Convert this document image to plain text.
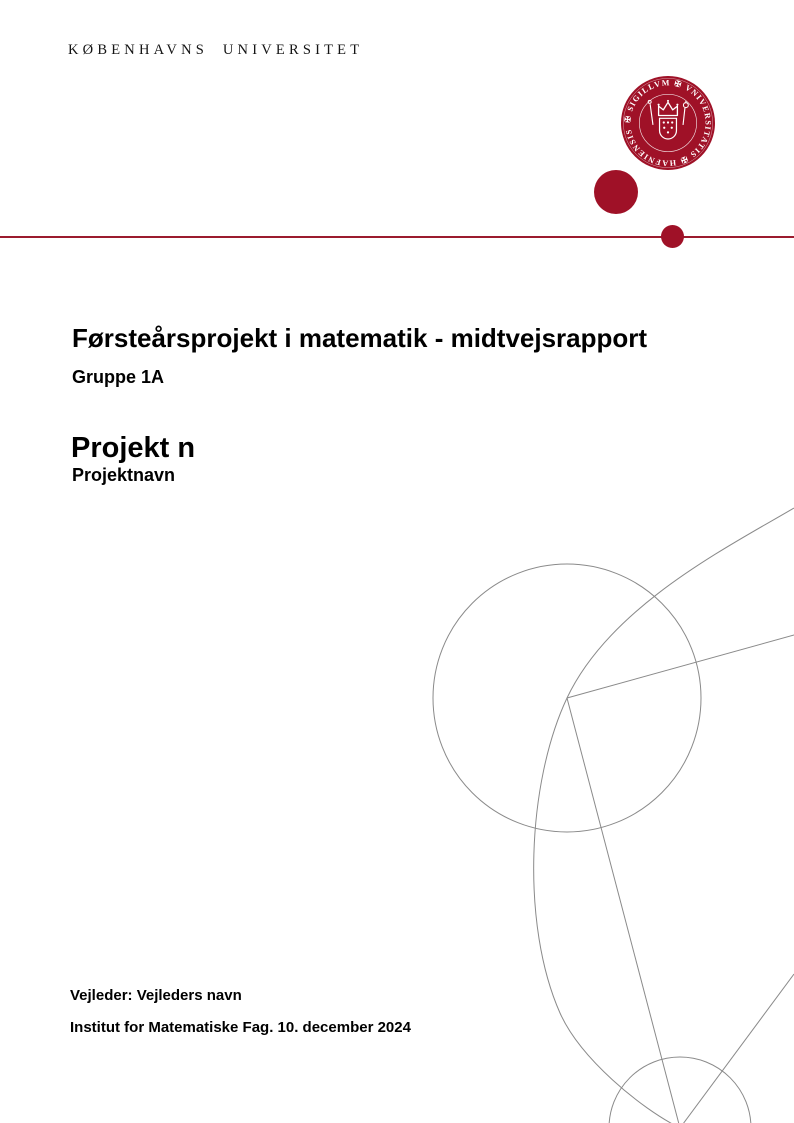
KØBENHAVNS UNIVERSITET
✠ SIGILLVM ✠ VNIVERSITATIS ✠ HAFNIENSIS
Førsteårsprojekt i matematik - midtvejsrapport
Gruppe 1A
Projekt n
Projektnavn
Vejleder: Vejleders navn
Institut for Matematiske Fag. 10. december 2024
